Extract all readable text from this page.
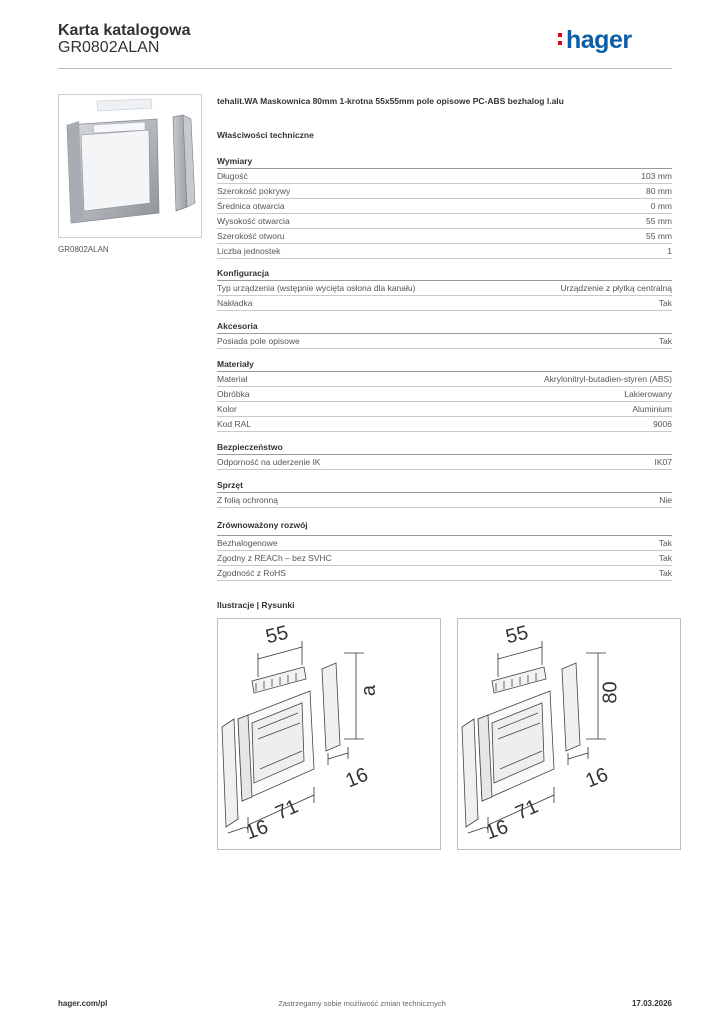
Karta katalogowa
GR0802ALAN	hager
GR0802ALAN
tehalit.WA Maskownica 80mm 1-krotna 55x55mm pole opisowe PC-ABS bezhalog l.alu
Właściwości techniczne
Wymiary
Długość	103 mm
Szerokość pokrywy	80 mm
Średnica otwarcia	0 mm
Wysokość otwarcia	55 mm
Szerokość otworu	55 mm
Liczba jednostek	1
Konfiguracja
Typ urządzenia (wstępnie wycięta osłona dla kanału)	Urządzenie z płytką centralną
Nakładka	Tak
Akcesoria
Posiada pole opisowe	Tak
Materiały
Materiał	Akrylonitryl-butadien-styren (ABS)
Obróbka	Lakierowany
Kolor	Aluminium
Kod RAL	9006
Bezpieczeństwo
Odporność na uderzenie IK	IK07
Sprzęt
Z folią ochronną	Nie
Zrównoważony rozwój
Bezhalogenowe	Tak
Zgodny z REACh – bez SVHC	Tak
Zgodność z RoHS	Tak
Ilustracje | Rysunki
55
a
16
71
16
55
80
16
71
16
hager.com/pl	Zastrzegamy sobie możliwość zmian technicznych	17.03.2026
